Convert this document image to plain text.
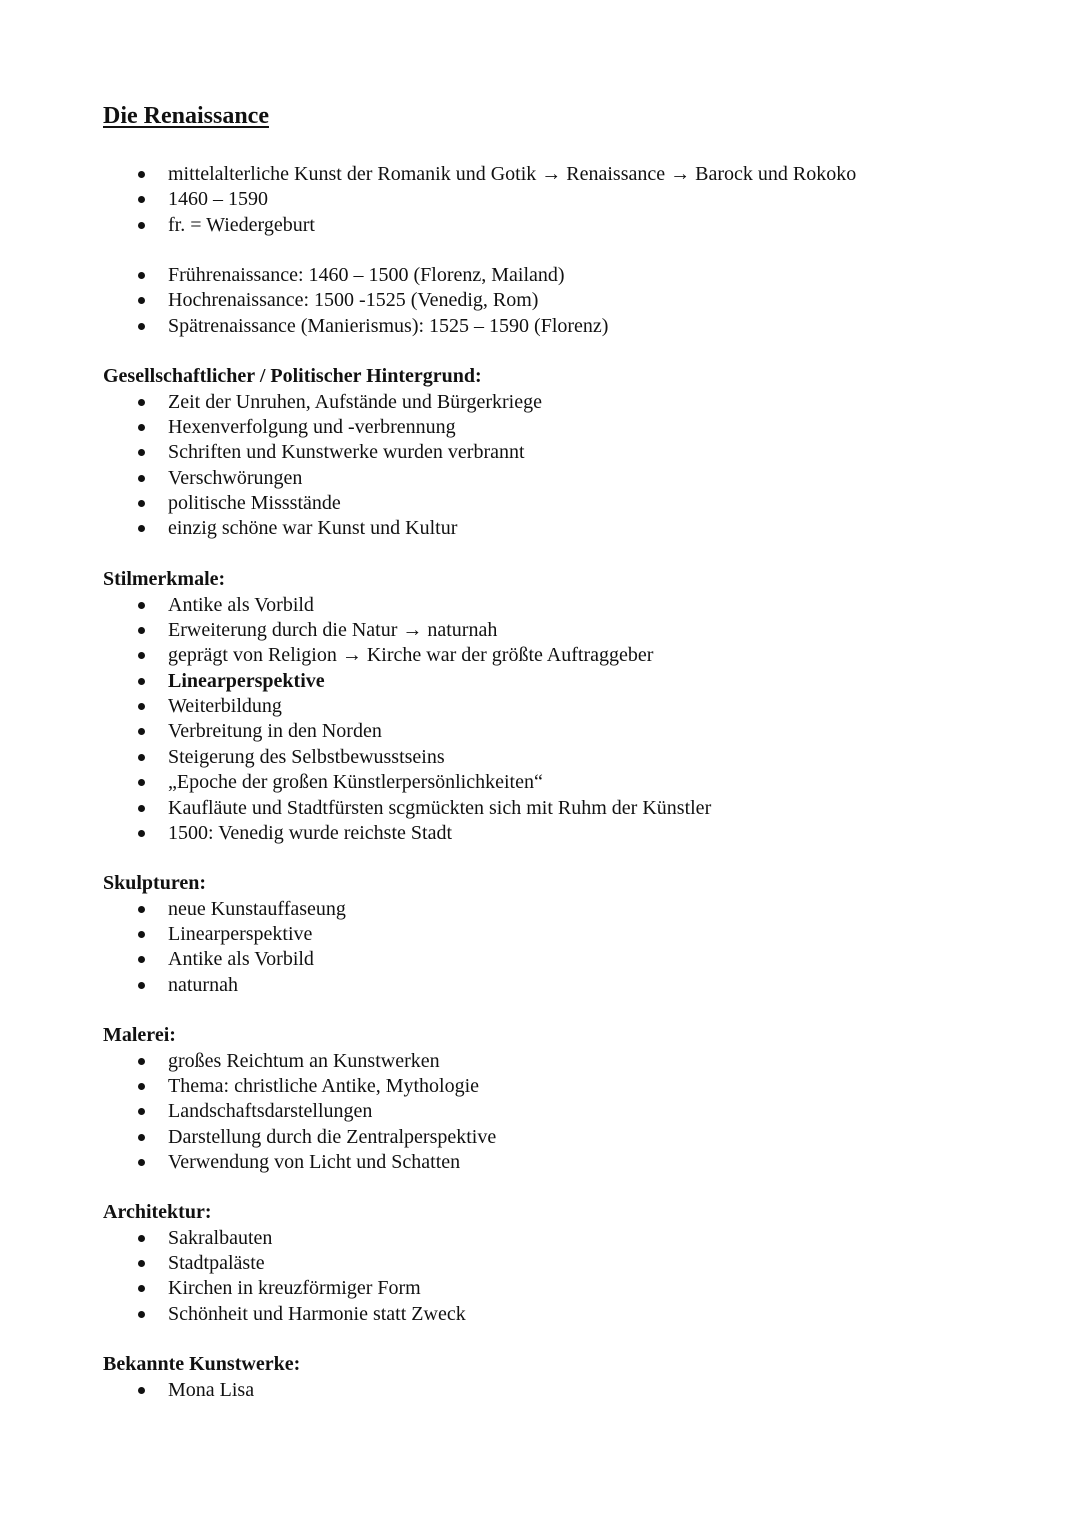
Die Renaissance
mittelalterliche Kunst der Romanik und Gotik → Renaissance → Barock und Rokoko
1460 – 1590
fr. = Wiedergeburt
Frührenaissance: 1460 – 1500 (Florenz, Mailand)
Hochrenaissance: 1500 -1525 (Venedig, Rom)
Spätrenaissance (Manierismus): 1525 – 1590 (Florenz)
Gesellschaftlicher / Politischer Hintergrund:
Zeit der Unruhen, Aufstände und Bürgerkriege
Hexenverfolgung und -verbrennung
Schriften und Kunstwerke wurden verbrannt
Verschwörungen
politische Missstände
einzig schöne war Kunst und Kultur
Stilmerkmale:
Antike als Vorbild
Erweiterung durch die Natur → naturnah
geprägt von Religion → Kirche war der größte Auftraggeber
Linearperspektive
Weiterbildung
Verbreitung in den Norden
Steigerung des Selbstbewusstseins
„Epoche der großen Künstlerpersönlichkeiten“
Kaufläute und Stadtfürsten scgmückten sich mit Ruhm der Künstler
1500: Venedig wurde reichste Stadt
Skulpturen:
neue Kunstauffaseung
Linearperspektive
Antike als Vorbild
naturnah
Malerei:
großes Reichtum an Kunstwerken
Thema: christliche Antike, Mythologie
Landschaftsdarstellungen
Darstellung durch die Zentralperspektive
Verwendung von Licht und Schatten
Architektur:
Sakralbauten
Stadtpaläste
Kirchen in kreuzförmiger Form
Schönheit und Harmonie statt Zweck
Bekannte Kunstwerke:
Mona Lisa
